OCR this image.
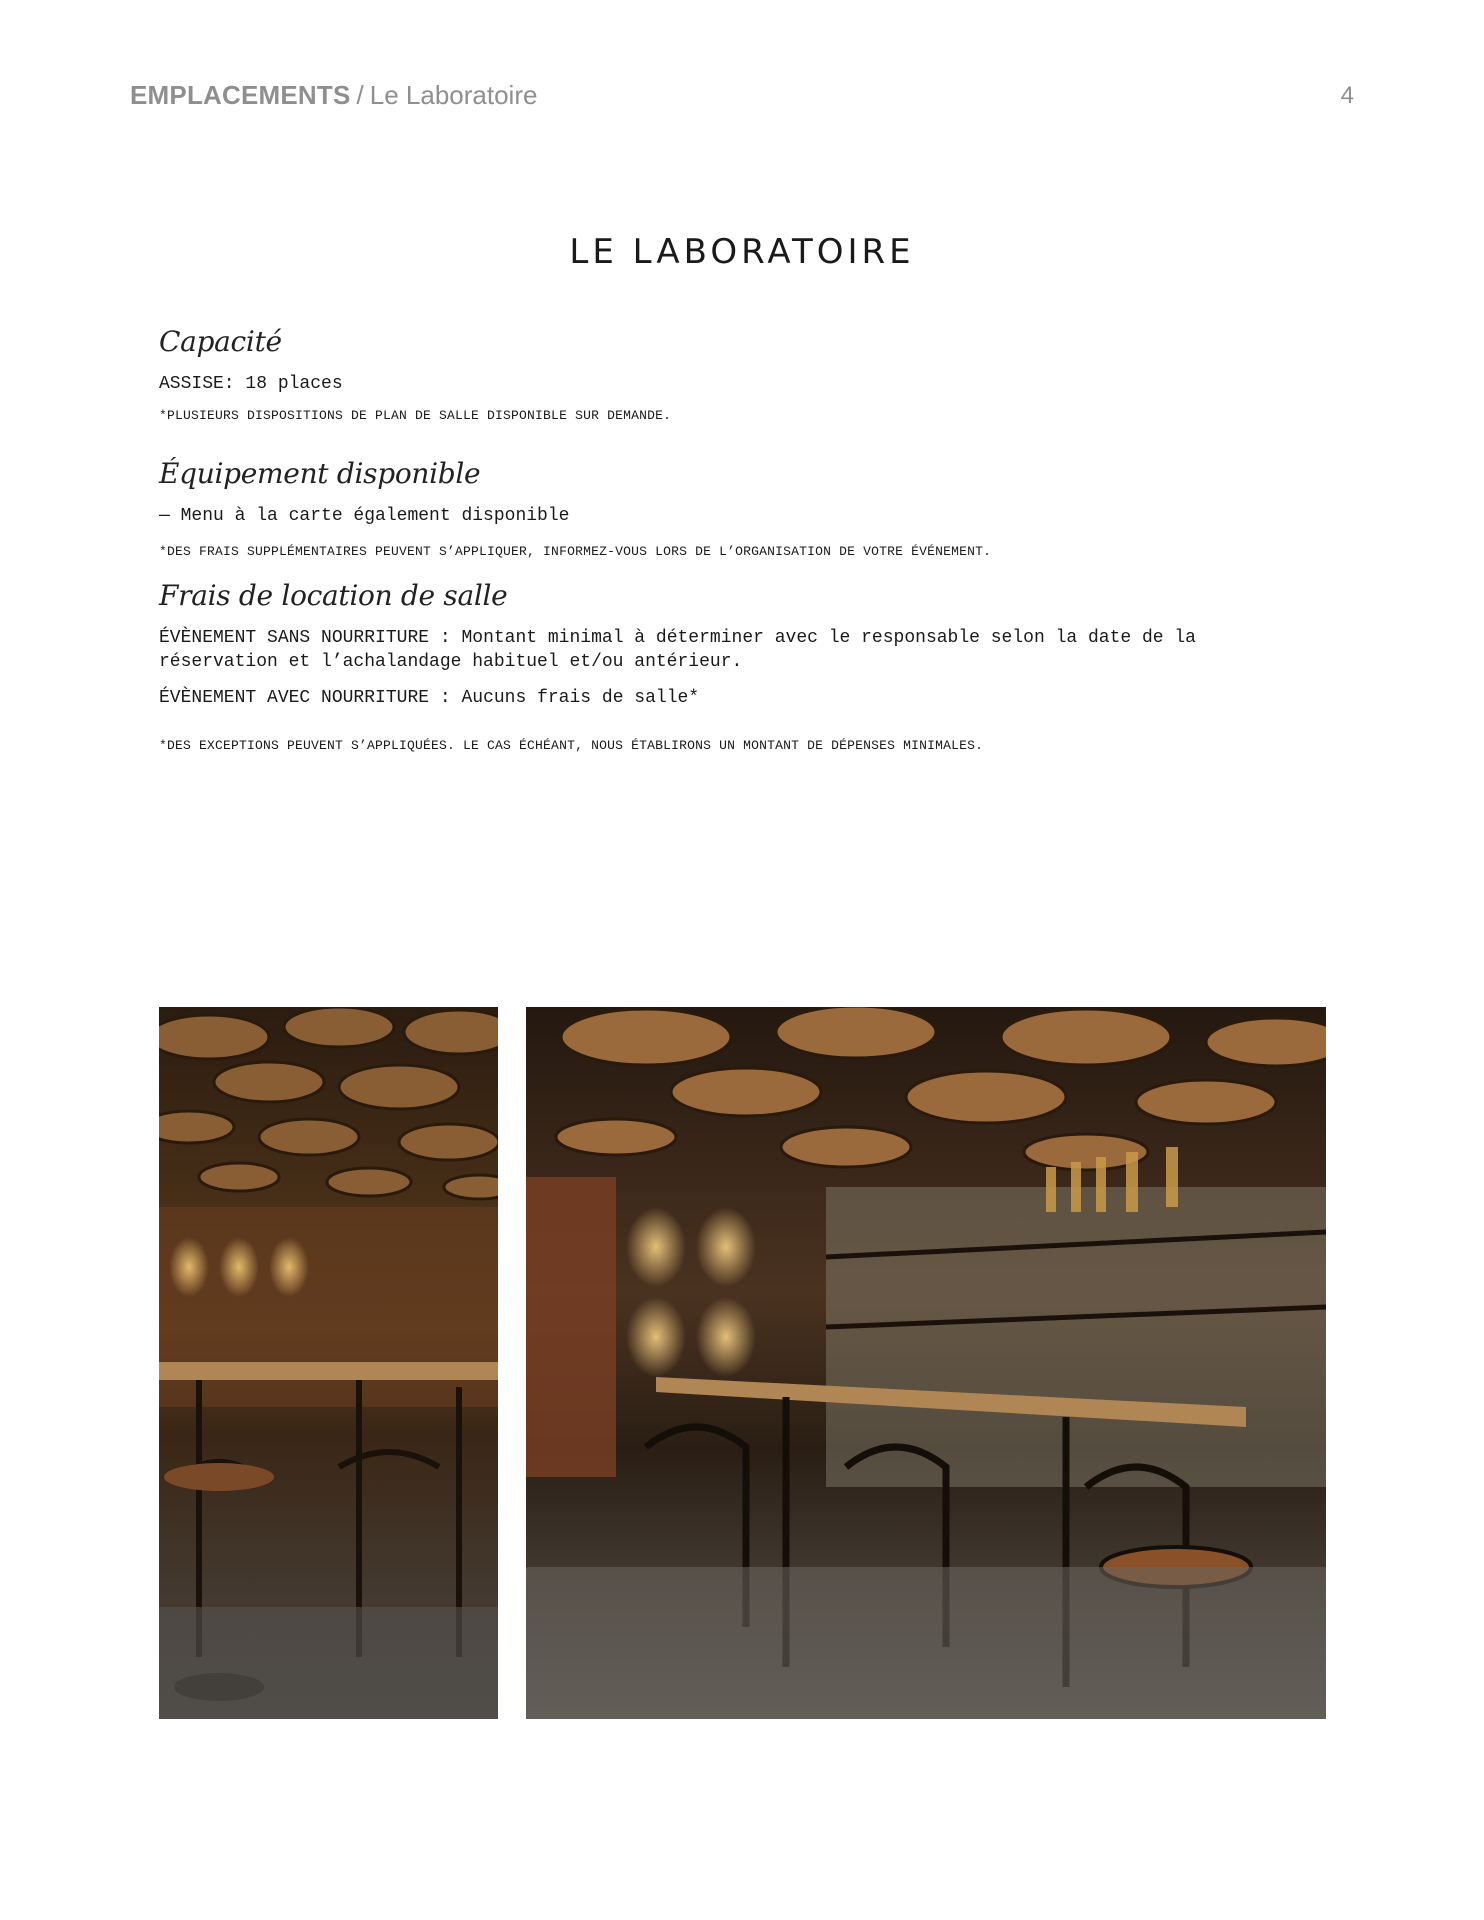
EMPLACEMENTS / Le Laboratoire	4
LE LABORATOIRE
Capacité

ASSISE: 18 places

*PLUSIEURS DISPOSITIONS DE PLAN DE SALLE DISPONIBLE SUR DEMANDE.

Équipement disponible

— Menu à la carte également disponible

*DES FRAIS SUPPLÉMENTAIRES PEUVENT S’APPLIQUER, INFORMEZ-VOUS LORS DE L’ORGANISATION DE VOTRE ÉVÉNEMENT.

Frais de location de salle

ÉVÈNEMENT SANS NOURRITURE : Montant minimal à déterminer avec le responsable selon la date de la réservation et l’achalandage habituel et/ou antérieur.

ÉVÈNEMENT AVEC NOURRITURE : Aucuns frais de salle*

*DES EXCEPTIONS PEUVENT S’APPLIQUÉES. LE CAS ÉCHÉANT, NOUS ÉTABLIRONS UN MONTANT DE DÉPENSES MINIMALES.
